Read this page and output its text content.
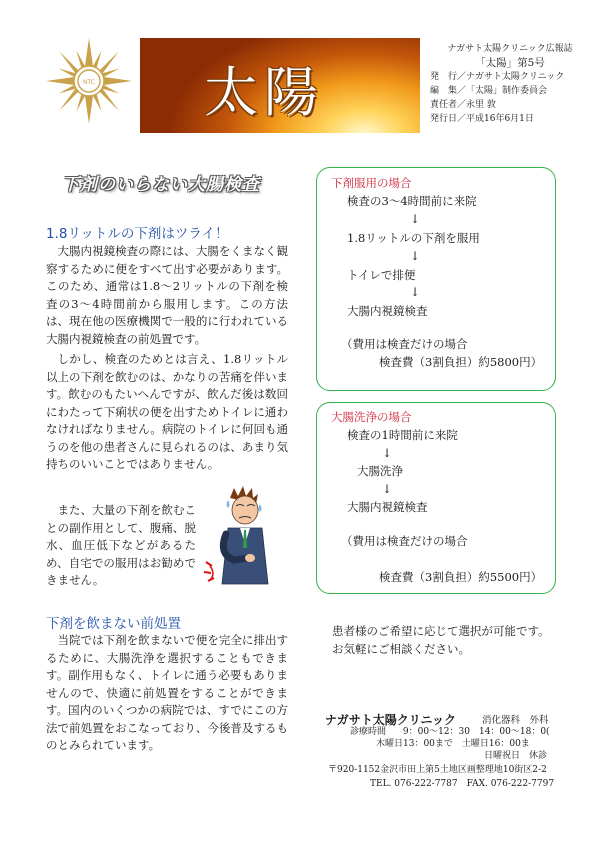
NTC 太陽
ナガサト太陽クリニック広報誌
「太陽」第5号
発　行／ナガサト太陽クリニック
編　集／「太陽」制作委員会
責任者／永里 敦
発行日／平成16年6月1日
下剤のいらない大腸検査
1.8リットルの下剤はツライ！

大腸内視鏡検査の際には、大腸をくまなく観察するために便をすべて出す必要があります。このため、通常は1.8〜2リットルの下剤を検査の3〜4時間前から服用します。この方法は、現在他の医療機関で一般的に行われている大腸内視鏡検査の前処置です。

しかし、検査のためとは言え、1.8リットル以上の下剤を飲むのは、かなりの苦痛を伴います。飲むのもたいへんですが、飲んだ後は数回にわたって下痢状の便を出すためトイレに通わなければなりません。病院のトイレに何回も通うのを他の患者さんに見られるのは、あまり気持ちのいいことではありません。

また、大量の下剤を飲むことの副作用として、腹痛、脱水、血圧低下などがあるため、自宅での服用はお勧めできません。

下剤を飲まない前処置

当院では下剤を飲まないで便を完全に排出するために、大腸洗浄を選択することもできます。副作用もなく、トイレに通う必要もありませんので、快適に前処置をすることができます。国内のいくつかの病院では、すでにこの方法で前処置をおこなっており、今後普及するものとみられています。

下剤服用の場合
検査の3〜4時間前に来院
↓
1.8リットルの下剤を服用
↓
トイレで排便
↓
大腸内視鏡検査
（費用は検査だけの場合
検査費（3割負担）約5800円）
大腸洗浄の場合
検査の1時間前に来院
↓
大腸洗浄
↓
大腸内視鏡検査
（費用は検査だけの場合
検査費（3割負担）約5500円）
患者様のご希望に応じて選択が可能です。
お気軽にご相談ください。
ナガサト太陽クリニック	消化器科　外科
診療時間 9：00〜12：30　14：00〜18：0(
木曜日13：00まで　土曜日16：00ま
日曜祝日　休診
〒920-1152金沢市田上第5土地区画整理地10街区2-2
TEL. 076-222-7787　FAX. 076-222-7797
